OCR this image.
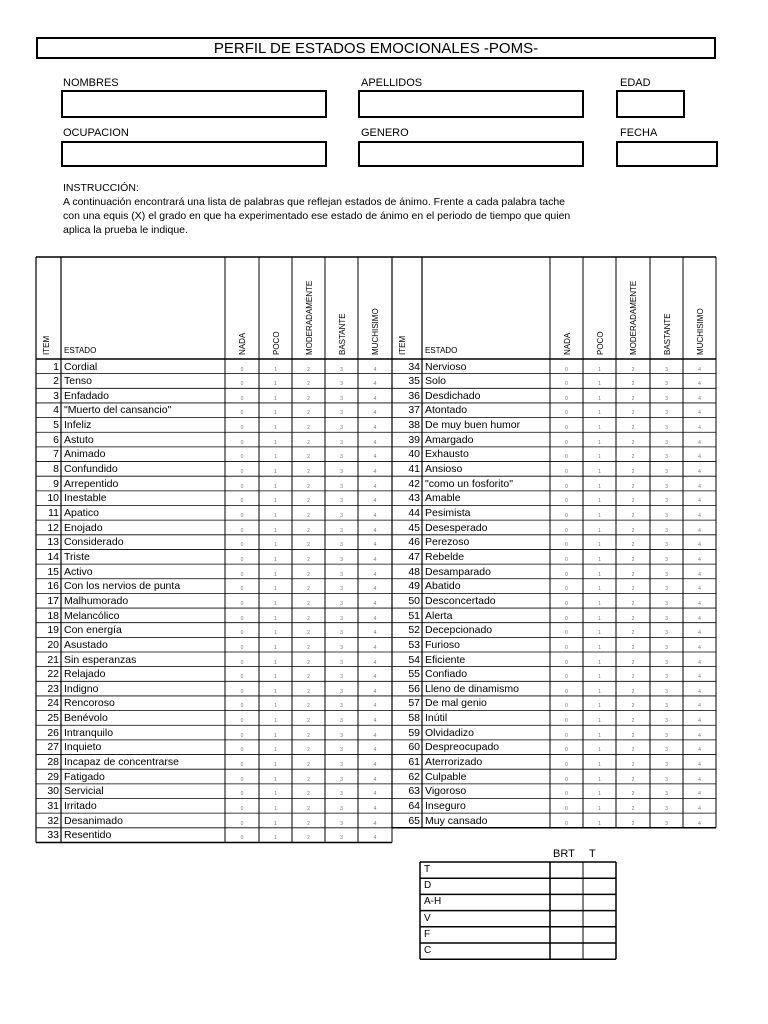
PERFIL DE ESTADOS EMOCIONALES -POMS-
NOMBRES	APELLIDOS	EDAD
OCUPACION	GENERO	FECHA

INSTRUCCIÓN:

A continuación encontrará una lista de palabras que reflejan estados de ánimo. Frente a cada palabra tache

con una equis (X) el grado en que ha experimentado ese estado de ánimo en el periodo de tiempo que quien

aplica la prueba le indique.

ITEM ESTADO	NADA	POCO	MODERADAMENTE	BASTANTE	MUCHISIMO
1 Cordial	0	1	2	3	4
2 Tenso	0	1	2	3	4
3 Enfadado	0	1	2	3	4
4 "Muerto del cansancio"	0	1	2	3	4
5 Infeliz	0	1	2	3	4
6 Astuto	0	1	2	3	4
7 Animado	0	1	2	3	4
8 Confundido	0	1	2	3	4
9 Arrepentido	0	1	2	3	4
10 Inestable	0	1	2	3	4
11 Apatico	0	1	2	3	4
12 Enojado	0	1	2	3	4
13 Considerado	0	1	2	3	4
14 Triste	0	1	2	3	4
15 Activo	0	1	2	3	4
16 Con los nervios de punta	0	1	2	3	4
17 Malhumorado	0	1	2	3	4
18 Melancólico	0	1	2	3	4
19 Con energía	0	1	2	3	4
20 Asustado	0	1	2	3	4
21 Sin esperanzas	0	1	2	3	4
22 Relajado	0	1	2	3	4
23 Indigno	0	1	2	3	4
24 Rencoroso	0	1	2	3	4
25 Benévolo	0	1	2	3	4
26 Intranquilo	0	1	2	3	4
27 Inquieto	0	1	2	3	4
28 Incapaz de concentrarse	0	1	2	3	4
29 Fatigado	0	1	2	3	4
30 Servicial	0	1	2	3	4
31 Irritado	0	1	2	3	4
32 Desanimado	0	1	2	3	4
33 Resentido	0	1	2	3	4
ITEM ESTADO	NADA	POCO	MODERADAMENTE	BASTANTE	MUCHISIMO
34 Nervioso	0	1	2	3	4
35 Solo	0	1	2	3	4
36 Desdichado	0	1	2	3	4
37 Atontado	0	1	2	3	4
38 De muy buen humor	0	1	2	3	4
39 Amargado	0	1	2	3	4
40 Exhausto	0	1	2	3	4
41 Ansioso	0	1	2	3	4
42 "como un fosforito"	0	1	2	3	4
43 Amable	0	1	2	3	4
44 Pesimista	0	1	2	3	4
45 Desesperado	0	1	2	3	4
46 Perezoso	0	1	2	3	4
47 Rebelde	0	1	2	3	4
48 Desamparado	0	1	2	3	4
49 Abatido	0	1	2	3	4
50 Desconcertado	0	1	2	3	4
51 Alerta	0	1	2	3	4
52 Decepcionado	0	1	2	3	4
53 Furioso	0	1	2	3	4
54 Eficiente	0	1	2	3	4
55 Confiado	0	1	2	3	4
56 Lleno de dinamismo	0	1	2	3	4
57 De mal genio	0	1	2	3	4
58 Inútil	0	1	2	3	4
59 Olvidadizo	0	1	2	3	4
60 Despreocupado	0	1	2	3	4
61 Aterrorizado	0	1	2	3	4
62 Culpable	0	1	2	3	4
63 Vigoroso	0	1	2	3	4
64 Inseguro	0	1	2	3	4
65 Muy cansado	0	1	2	3	4
BRT T
T
D
A-H
V
F
C
